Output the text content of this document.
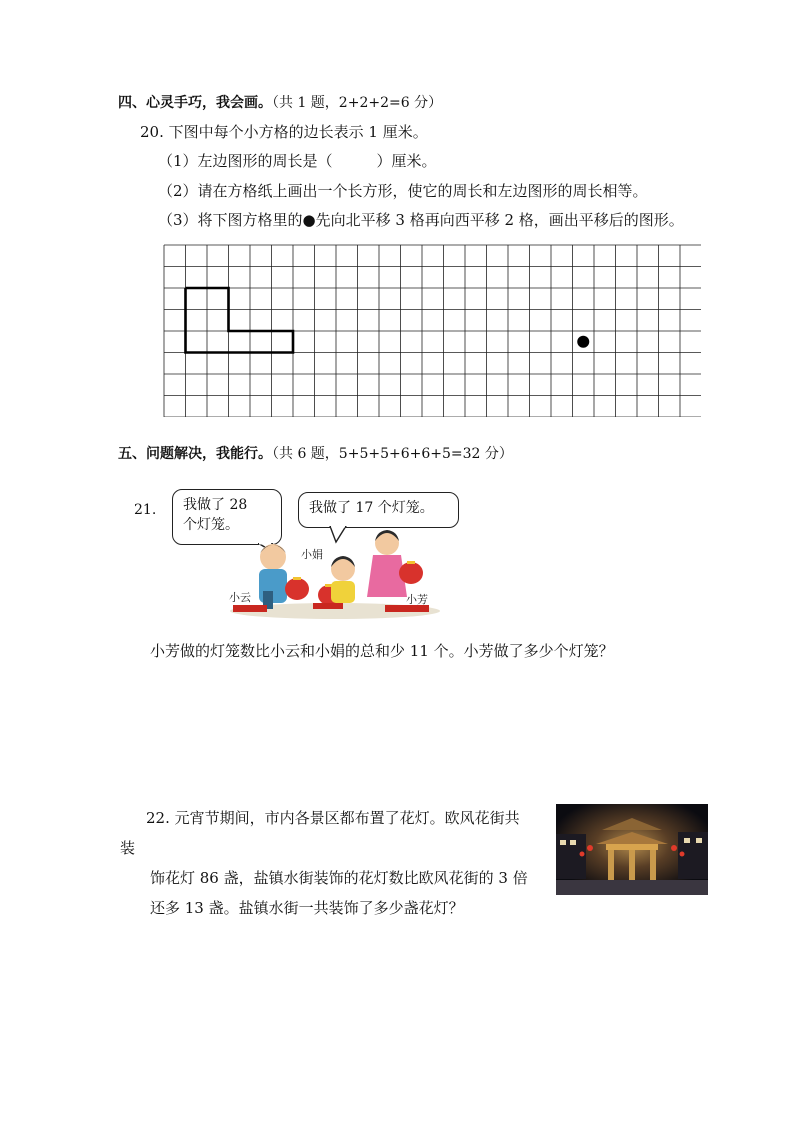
四、心灵手巧，我会画。（共 1 题，2+2+2=6 分）
20. 下图中每个小方格的边长表示 1 厘米。
（1）左边图形的周长是（	）厘米。
（2）请在方格纸上画出一个长方形，使它的周长和左边图形的周长相等。
（3）将下图方格里的●先向北平移 3 格再向西平移 2 格，画出平移后的图形。
五、问题解决，我能行。（共 6 题，5+5+5+6+6+5=32 分）
21. 我做了 28
个灯笼。
我做了 17 个灯笼。
小云
小娟
小芳
小芳做的灯笼数比小云和小娟的总和少 11 个。小芳做了多少个灯笼？
22. 元宵节期间，市内各景区都布置了花灯。欧风花街共
装
饰花灯 86 盏，盐镇水街装饰的花灯数比欧风花街的 3 倍
还多 13 盏。盐镇水街一共装饰了多少盏花灯？
